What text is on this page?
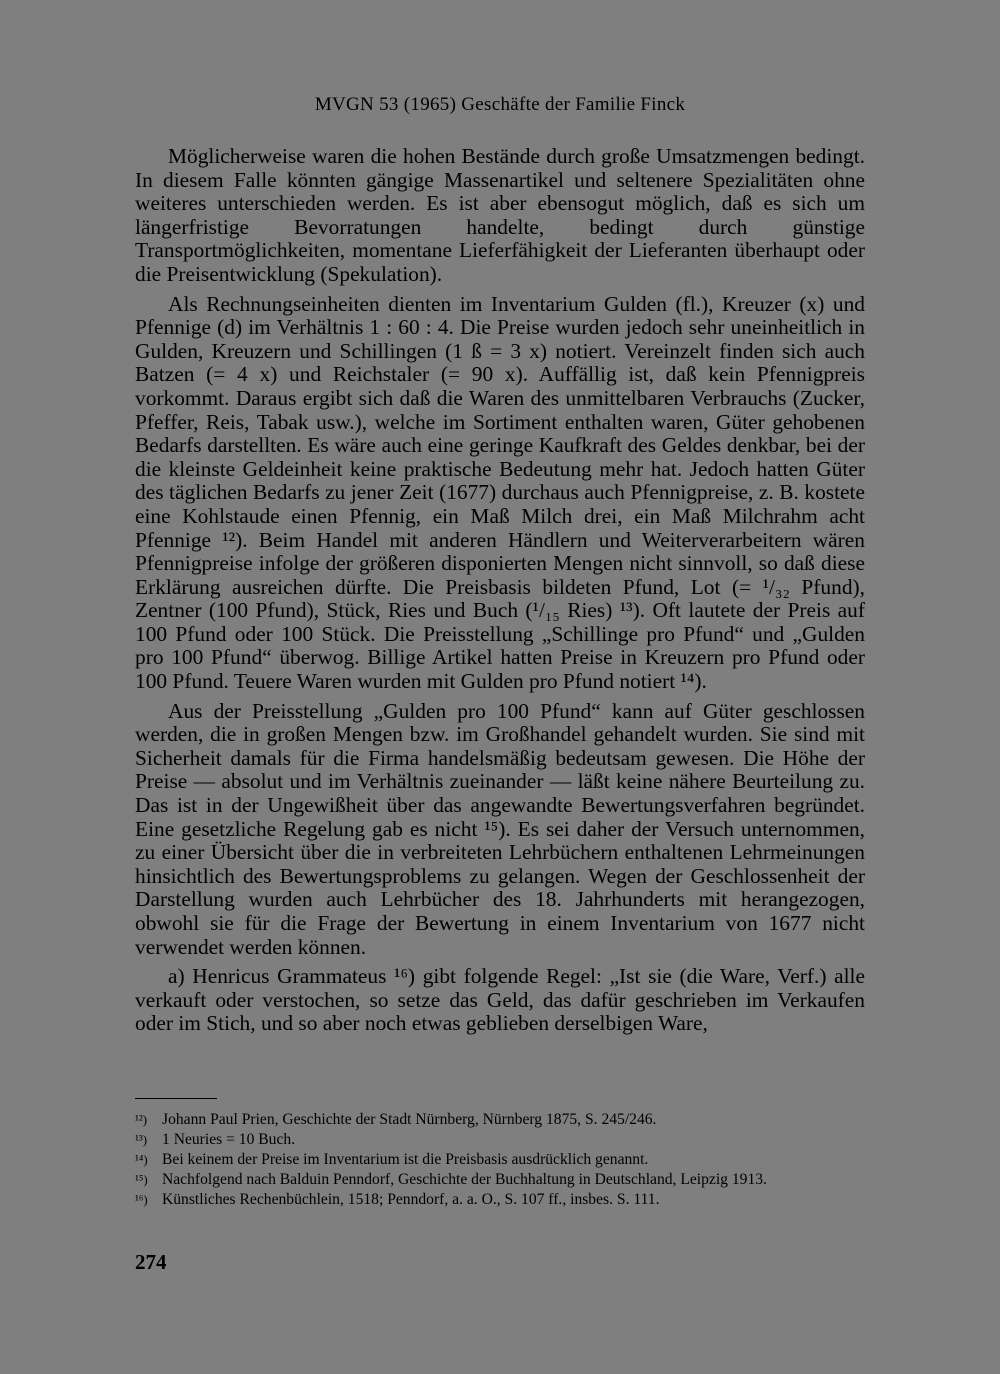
MVGN 53 (1965) Geschäfte der Familie Finck

Möglicherweise waren die hohen Bestände durch große Umsatzmengen bedingt. In diesem Falle könnten gängige Massenartikel und seltenere Spezialitäten ohne weiteres unterschieden werden. Es ist aber ebensogut möglich, daß es sich um längerfristige Bevorratungen handelte, bedingt durch günstige Transportmöglichkeiten, momentane Lieferfähigkeit der Lieferanten überhaupt oder die Preisentwicklung (Spekulation).

Als Rechnungseinheiten dienten im Inventarium Gulden (fl.), Kreuzer (x) und Pfennige (d) im Verhältnis 1 : 60 : 4. Die Preise wurden jedoch sehr uneinheitlich in Gulden, Kreuzern und Schillingen (1 ß = 3 x) notiert. Vereinzelt finden sich auch Batzen (= 4 x) und Reichstaler (= 90 x). Auffällig ist, daß kein Pfennigpreis vorkommt. Daraus ergibt sich daß die Waren des unmittelbaren Verbrauchs (Zucker, Pfeffer, Reis, Tabak usw.), welche im Sortiment enthalten waren, Güter gehobenen Bedarfs darstellten. Es wäre auch eine geringe Kaufkraft des Geldes denkbar, bei der die kleinste Geldeinheit keine praktische Bedeutung mehr hat. Jedoch hatten Güter des täglichen Bedarfs zu jener Zeit (1677) durchaus auch Pfennigpreise, z. B. kostete eine Kohlstaude einen Pfennig, ein Maß Milch drei, ein Maß Milchrahm acht Pfennige ¹²). Beim Handel mit anderen Händlern und Weiterverarbeitern wären Pfennigpreise infolge der größeren disponierten Mengen nicht sinnvoll, so daß diese Erklärung ausreichen dürfte. Die Preisbasis bildeten Pfund, Lot (= ¹/₃₂ Pfund), Zentner (100 Pfund), Stück, Ries und Buch (¹/₁₅ Ries) ¹³). Oft lautete der Preis auf 100 Pfund oder 100 Stück. Die Preisstellung „Schillinge pro Pfund“ und „Gulden pro 100 Pfund“ überwog. Billige Artikel hatten Preise in Kreuzern pro Pfund oder 100 Pfund. Teuere Waren wurden mit Gulden pro Pfund notiert ¹⁴).

Aus der Preisstellung „Gulden pro 100 Pfund“ kann auf Güter geschlossen werden, die in großen Mengen bzw. im Großhandel gehandelt wurden. Sie sind mit Sicherheit damals für die Firma handelsmäßig bedeutsam gewesen. Die Höhe der Preise — absolut und im Verhältnis zueinander — läßt keine nähere Beurteilung zu. Das ist in der Ungewißheit über das angewandte Bewertungsverfahren begründet. Eine gesetzliche Regelung gab es nicht ¹⁵). Es sei daher der Versuch unternommen, zu einer Übersicht über die in verbreiteten Lehrbüchern enthaltenen Lehrmeinungen hinsichtlich des Bewertungsproblems zu gelangen. Wegen der Geschlossenheit der Darstellung wurden auch Lehrbücher des 18. Jahrhunderts mit herangezogen, obwohl sie für die Frage der Bewertung in einem Inventarium von 1677 nicht verwendet werden können.

a) Henricus Grammateus ¹⁶) gibt folgende Regel: „Ist sie (die Ware, Verf.) alle verkauft oder verstochen, so setze das Geld, das dafür geschrieben im Verkaufen oder im Stich, und so aber noch etwas geblieben derselbigen Ware,

¹²) Johann Paul Prien, Geschichte der Stadt Nürnberg, Nürnberg 1875, S. 245/246.
¹³) 1 Neuries = 10 Buch.
¹⁴) Bei keinem der Preise im Inventarium ist die Preisbasis ausdrücklich genannt.
¹⁵) Nachfolgend nach Balduin Penndorf, Geschichte der Buchhaltung in Deutschland, Leipzig 1913.
¹⁶) Künstliches Rechenbüchlein, 1518; Penndorf, a. a. O., S. 107 ff., insbes. S. 111.
274
